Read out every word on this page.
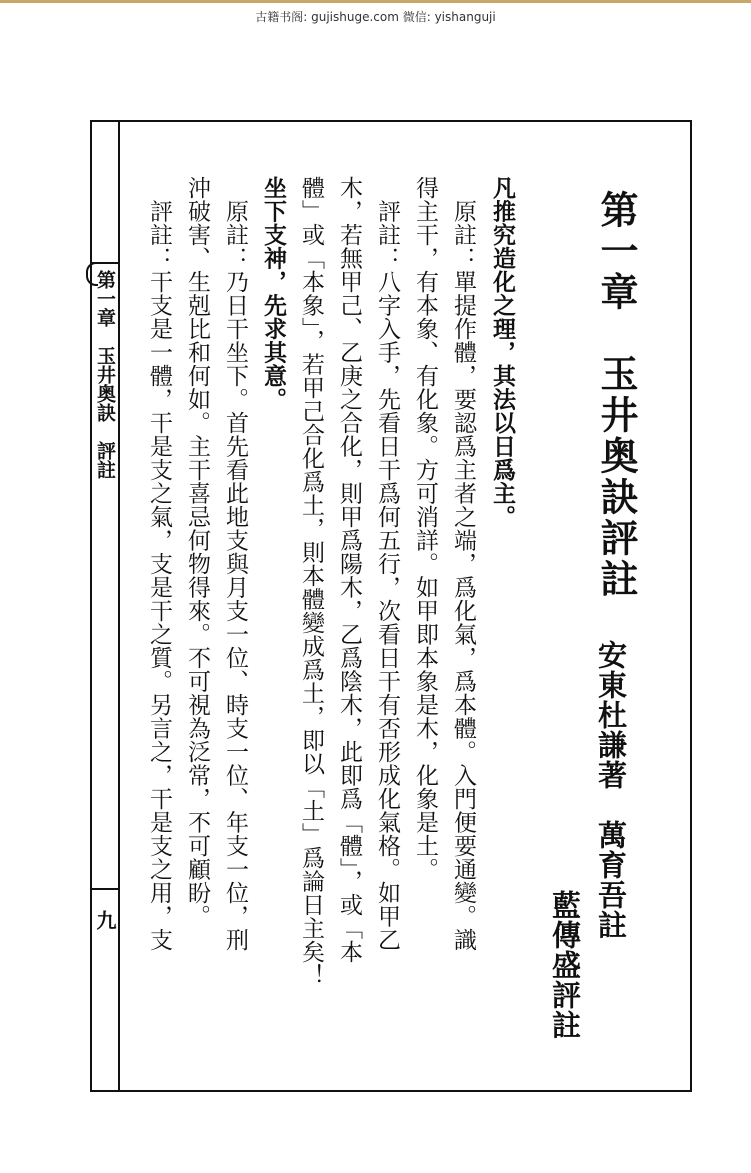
古籍书阁: gujishuge.com 微信: yishanguji
第一章　玉井奥訣　評註
九
第一章　玉井奥訣評註
安東杜謙著　萬育吾註
藍傳盛評註
凡推究造化之理，其法以日爲主。
　原註：單提作體，要認爲主者之端，爲化氣，爲本體。入門便要通變。識
得主干，有本象、有化象。方可消詳。如甲即本象是木，化象是土。
　評註：八字入手，先看日干爲何五行，次看日干有否形成化氣格。如甲乙
木，若無甲己、乙庚之合化，則甲爲陽木，乙爲陰木，此即爲「體」，或「本
體」或「本象」，若甲己合化爲土，則本體變成爲土，即以「土」爲論日主矣！
坐下支神，先求其意。
　原註：乃日干坐下。首先看此地支與月支一位、時支一位、年支一位，刑
沖破害、生剋比和何如。主干喜忌何物得來。不可視為泛常，不可顧盼。
　評註：干支是一體，干是支之氣，支是干之質。另言之，干是支之用，支
